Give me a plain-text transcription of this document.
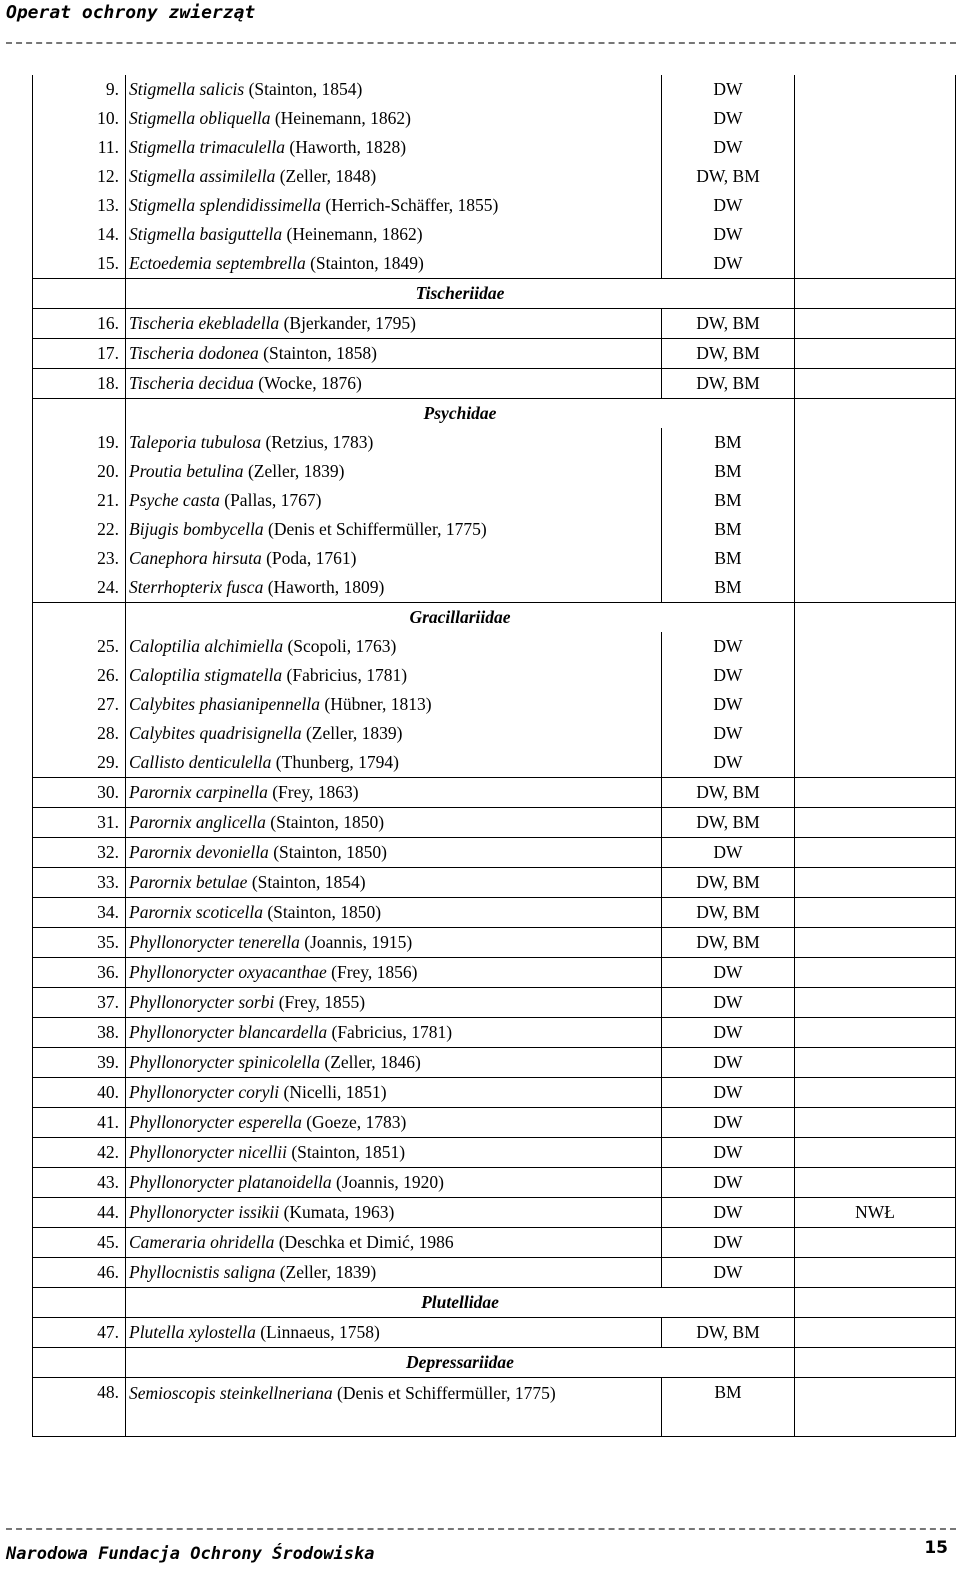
Operat ochrony zwierząt
9.	Stigmella salicis (Stainton, 1854)	DW	
10.	Stigmella obliquella (Heinemann, 1862)	DW	
11.	Stigmella trimaculella (Haworth, 1828)	DW	
12.	Stigmella assimilella (Zeller, 1848)	DW, BM	
13.	Stigmella splendidissimella (Herrich-Schäffer, 1855)	DW	
14.	Stigmella basiguttella (Heinemann, 1862)	DW	
15.	Ectoedemia septembrella (Stainton, 1849)	DW	
	Tischeriidae		
16.	Tischeria ekebladella (Bjerkander, 1795)	DW, BM	
17.	Tischeria dodonea (Stainton, 1858)	DW, BM	
18.	Tischeria decidua (Wocke, 1876)	DW, BM	
	Psychidae		
19.	Taleporia tubulosa (Retzius, 1783)	BM	
20.	Proutia betulina (Zeller, 1839)	BM	
21.	Psyche casta (Pallas, 1767)	BM	
22.	Bijugis bombycella (Denis et Schiffermüller, 1775)	BM	
23.	Canephora hirsuta (Poda, 1761)	BM	
24.	Sterrhopterix fusca (Haworth, 1809)	BM	
	Gracillariidae		
25.	Caloptilia alchimiella (Scopoli, 1763)	DW	
26.	Caloptilia stigmatella (Fabricius, 1781)	DW	
27.	Calybites phasianipennella (Hübner, 1813)	DW	
28.	Calybites quadrisignella (Zeller, 1839)	DW	
29.	Callisto denticulella (Thunberg, 1794)	DW	
30.	Parornix carpinella (Frey, 1863)	DW, BM	
31.	Parornix anglicella (Stainton, 1850)	DW, BM	
32.	Parornix devoniella (Stainton, 1850)	DW	
33.	Parornix betulae (Stainton, 1854)	DW, BM	
34.	Parornix scoticella (Stainton, 1850)	DW, BM	
35.	Phyllonorycter tenerella (Joannis, 1915)	DW, BM	
36.	Phyllonorycter oxyacanthae (Frey, 1856)	DW	
37.	Phyllonorycter sorbi (Frey, 1855)	DW	
38.	Phyllonorycter blancardella (Fabricius, 1781)	DW	
39.	Phyllonorycter spinicolella (Zeller, 1846)	DW	
40.	Phyllonorycter coryli (Nicelli, 1851)	DW	
41.	Phyllonorycter esperella (Goeze, 1783)	DW	
42.	Phyllonorycter nicellii (Stainton, 1851)	DW	
43.	Phyllonorycter platanoidella (Joannis, 1920)	DW	
44.	Phyllonorycter issikii (Kumata, 1963)	DW	NWŁ
45.	Cameraria ohridella (Deschka et Dimić, 1986	DW	
46.	Phyllocnistis saligna (Zeller, 1839)	DW	
	Plutellidae		
47.	Plutella xylostella (Linnaeus, 1758)	DW, BM	
	Depressariidae		
48.	Semioscopis steinkellneriana (Denis et Schiffermüller, 1775)	BM	
Narodowa Fundacja Ochrony Środowiska	15
